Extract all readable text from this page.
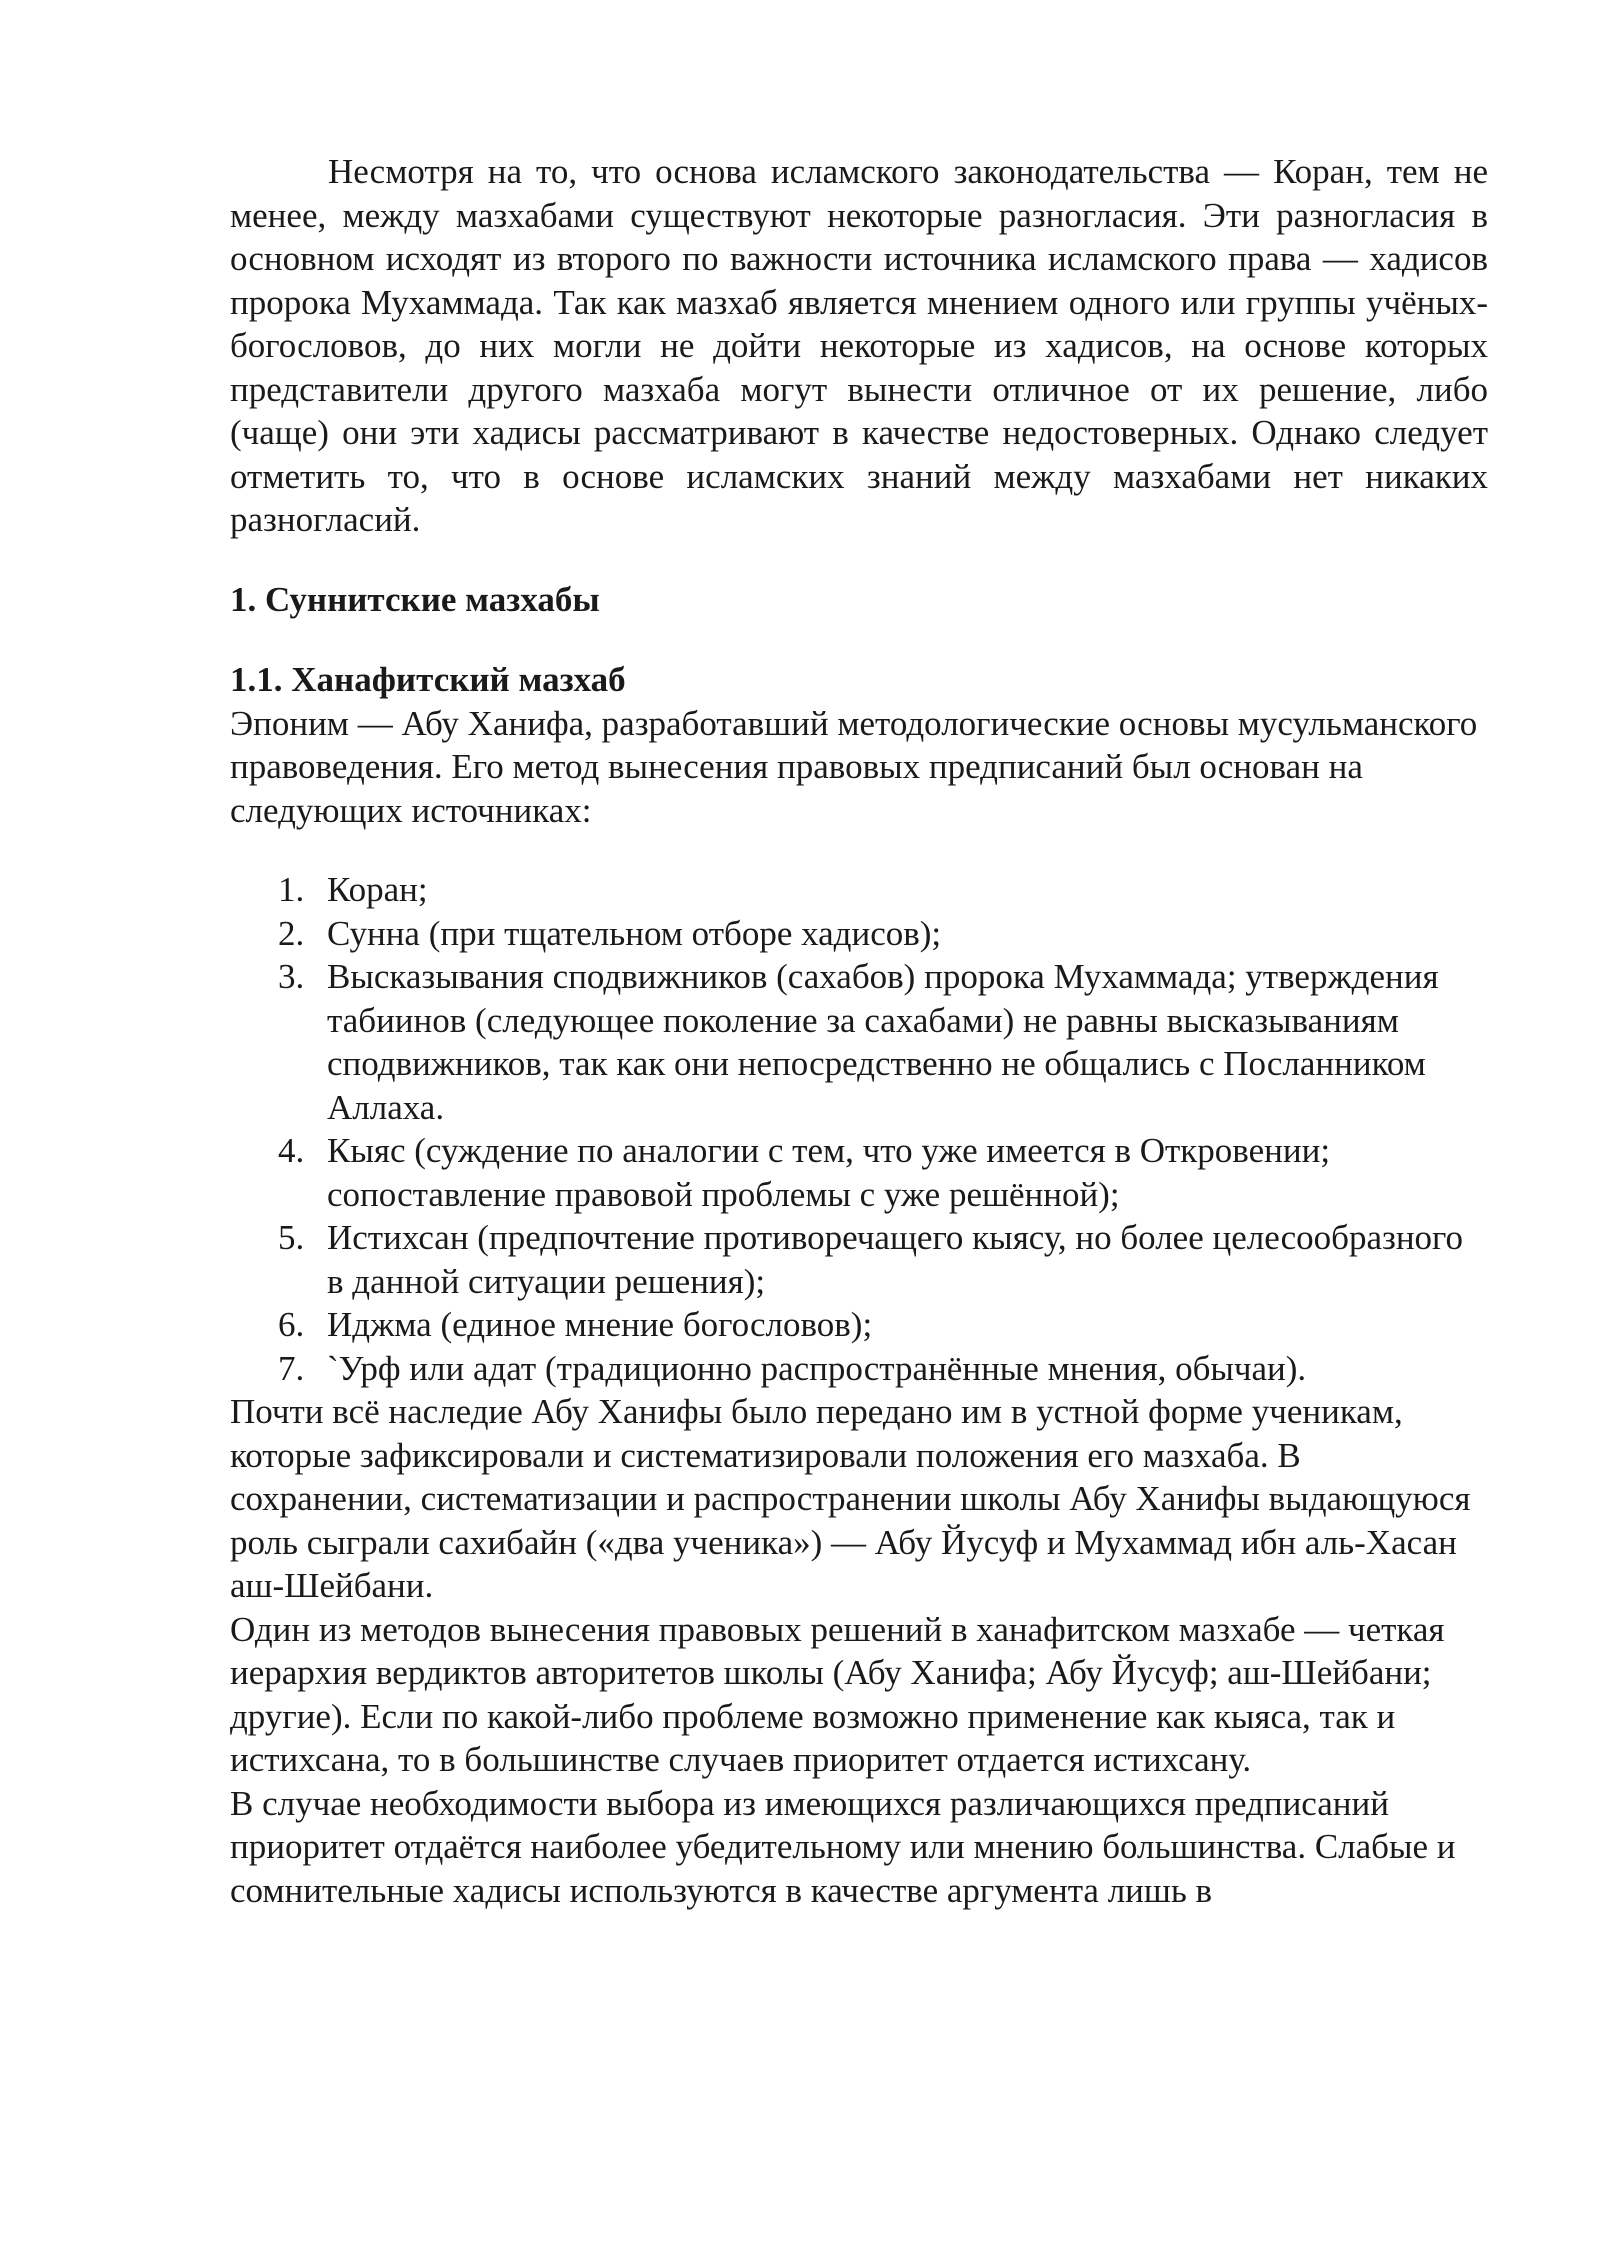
Несмотря на то, что основа исламского законодательства — Коран, тем не менее, между мазхабами существуют некоторые разногласия. Эти разногласия в основном исходят из второго по важности источника исламского права — хадисов пророка Мухаммада. Так как мазхаб является мнением одного или группы учёных-богословов, до них могли не дойти некоторые из хадисов, на основе которых представители другого мазхаба могут вынести отличное от их решение, либо (чаще) они эти хадисы рассматривают в качестве недостоверных. Однако следует отметить то, что в основе исламских знаний между мазхабами нет никаких разногласий.

1. Суннитские мазхабы
1.1. Ханафитский мазхаб

Эпоним — Абу Ханифа, разработавший методологические основы мусульманского правоведения. Его метод вынесения правовых предписаний был основан на следующих источниках:

1. Коран;
2. Сунна (при тщательном отборе хадисов);
3. Высказывания сподвижников (сахабов) пророка Мухаммада; утверждения табиинов (следующее поколение за сахабами) не равны высказываниям сподвижников, так как они непосредственно не общались с Посланником Аллаха.
4. Кыяс (суждение по аналогии с тем, что уже имеется в Откровении; сопоставление правовой проблемы с уже решённой);
5. Истихсан (предпочтение противоречащего кыясу, но более целесообразного в данной ситуации решения);
6. Иджма (единое мнение богословов);
7. `Урф или адат (традиционно распространённые мнения, обычаи).

Почти всё наследие Абу Ханифы было передано им в устной форме ученикам, которые зафиксировали и систематизировали положения его мазхаба. В сохранении, систематизации и распространении школы Абу Ханифы выдающуюся роль сыграли сахибайн («два ученика») — Абу Йусуф и Мухаммад ибн аль-Хасан аш-Шейбани.

Один из методов вынесения правовых решений в ханафитском мазхабе — четкая иерархия вердиктов авторитетов школы (Абу Ханифа; Абу Йусуф; аш-Шейбани; другие). Если по какой-либо проблеме возможно применение как кыяса, так и истихсана, то в большинстве случаев приоритет отдается истихсану.

В случае необходимости выбора из имеющихся различающихся предписаний приоритет отдаётся наиболее убедительному или мнению большинства. Слабые и сомнительные хадисы используются в качестве аргумента лишь в
